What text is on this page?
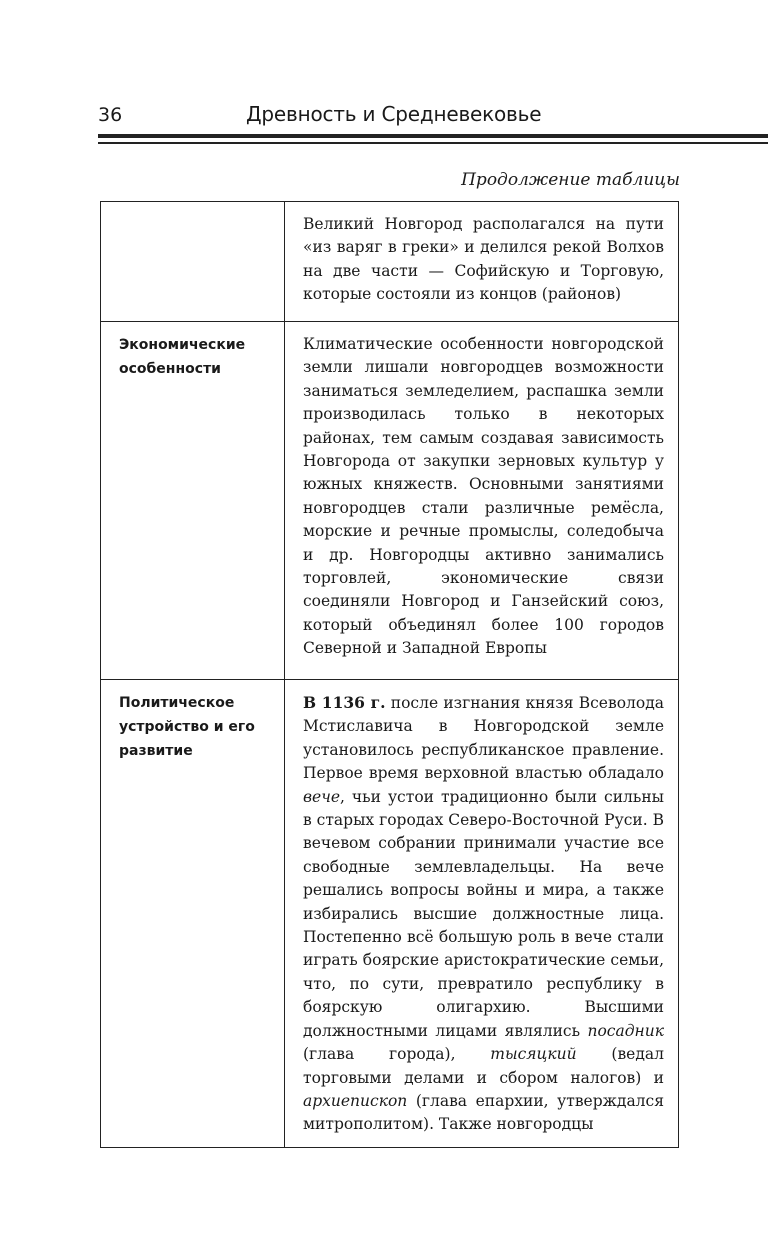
36	Древность и Средневековье
Продолжение таблицы
	Великий Новгород располагался на пути «из варяг в греки» и делился рекой Волхов на две части — Софийскую и Торговую, которые состояли из концов (районов)
Экономические особенности	Климатические особенности новгородской земли лишали новгородцев возможности заниматься земледелием, распашка земли производилась только в некоторых районах, тем самым создавая зависимость Новгорода от закупки зерновых культур у южных княжеств. Основными занятиями новгородцев стали различные ремёсла, морские и речные промыслы, соледобыча и др. Новгородцы активно занимались торговлей, экономические связи соединяли Новгород и Ганзейский союз, который объединял более 100 городов Северной и Западной Европы
Политическое устройство и его развитие	В 1136 г. после изгнания князя Всеволода Мстиславича в Новгородской земле установилось республиканское правление. Первое время верховной властью обладало вече, чьи устои традиционно были сильны в старых городах Северо-Восточной Руси. В вечевом собрании принимали участие все свободные землевладельцы. На вече решались вопросы войны и мира, а также избирались высшие должностные лица. Постепенно всё большую роль в вече стали играть боярские аристократические семьи, что, по сути, превратило республику в боярскую олигархию. Высшими должностными лицами являлись посадник (глава города), тысяцкий (ведал торговыми делами и сбором налогов) и архиепископ (глава епархии, утверждался митрополитом). Также новгородцы
